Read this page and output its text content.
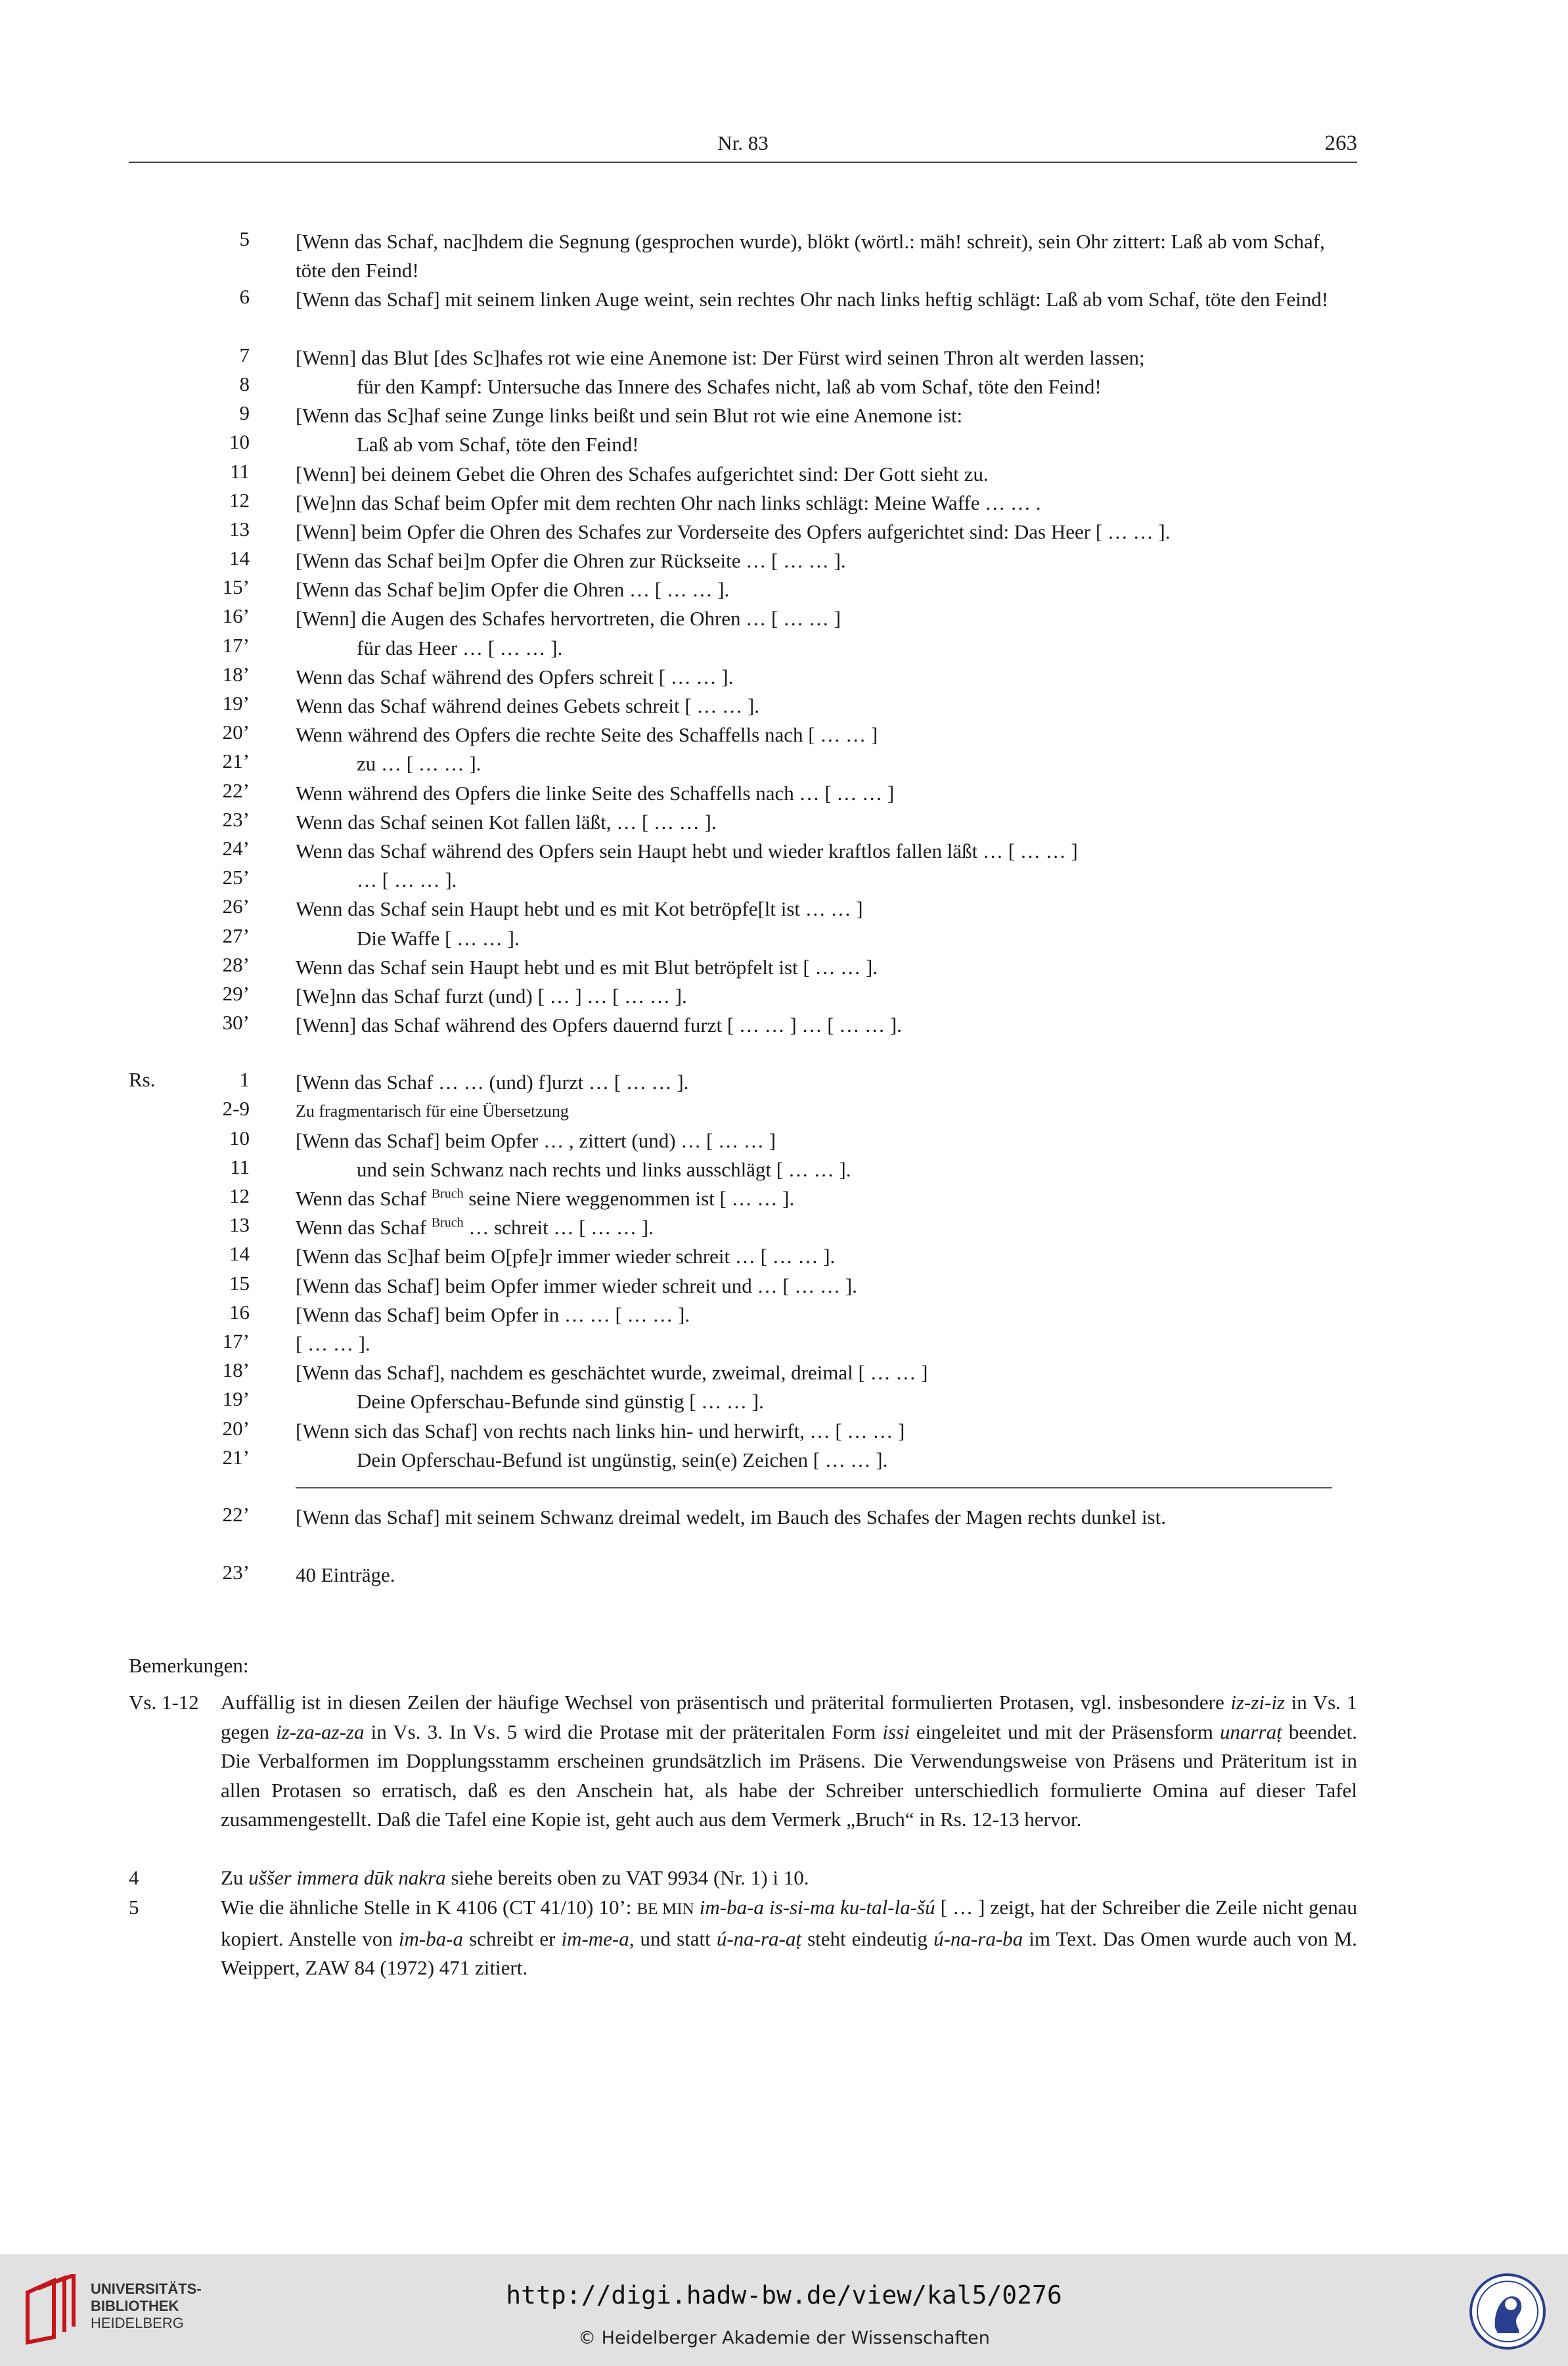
Nr. 83	263
5 [Wenn das Schaf, nac]hdem die Segnung (gesprochen wurde), blökt (wörtl.: mäh! schreit), sein Ohr zittert: Laß ab vom Schaf, töte den Feind!
6 [Wenn das Schaf] mit seinem linken Auge weint, sein rechtes Ohr nach links heftig schlägt: Laß ab vom Schaf, töte den Feind!
7 [Wenn] das Blut [des Sc]hafes rot wie eine Anemone ist: Der Fürst wird seinen Thron alt werden lassen;
8	für den Kampf: Untersuche das Innere des Schafes nicht, laß ab vom Schaf, töte den Feind!
9 [Wenn das Sc]haf seine Zunge links beißt und sein Blut rot wie eine Anemone ist:
10	Laß ab vom Schaf, töte den Feind!
11 [Wenn] bei deinem Gebet die Ohren des Schafes aufgerichtet sind: Der Gott sieht zu.
12 [We]nn das Schaf beim Opfer mit dem rechten Ohr nach links schlägt: Meine Waffe … … .
13 [Wenn] beim Opfer die Ohren des Schafes zur Vorderseite des Opfers aufgerichtet sind: Das Heer [ … … ].
14 [Wenn das Schaf bei]m Opfer die Ohren zur Rückseite … [ … … ].
15’ [Wenn das Schaf be]im Opfer die Ohren … [ … … ].
16’ [Wenn] die Augen des Schafes hervortreten, die Ohren … [ … … ]
17’	für das Heer … [ … … ].
18’ Wenn das Schaf während des Opfers schreit [ … … ].
19’ Wenn das Schaf während deines Gebets schreit [ … … ].
20’ Wenn während des Opfers die rechte Seite des Schaffells nach [ … … ]
21’	zu … [ … … ].
22’ Wenn während des Opfers die linke Seite des Schaffells nach … [ … … ]
23’ Wenn das Schaf seinen Kot fallen läßt, … [ … … ].
24’ Wenn das Schaf während des Opfers sein Haupt hebt und wieder kraftlos fallen läßt … [ … … ]
25’	… [ … … ].
26’ Wenn das Schaf sein Haupt hebt und es mit Kot betröpfe[lt ist … … ]
27’	Die Waffe [ … … ].
28’ Wenn das Schaf sein Haupt hebt und es mit Blut betröpfelt ist [ … … ].
29’ [We]nn das Schaf furzt (und) [ … ] … [ … … ].
30’ [Wenn] das Schaf während des Opfers dauernd furzt [ … … ] … [ … … ].
Rs.	1 [Wenn das Schaf … … (und) f]urzt … [ … … ].
2-9	Zu fragmentarisch für eine Übersetzung
10 [Wenn das Schaf] beim Opfer … , zittert (und) … [ … … ]
11	und sein Schwanz nach rechts und links ausschlägt [ … … ].
12 Wenn das Schaf $^{Bruch}$ seine Niere weggenommen ist [ … … ].
13 Wenn das Schaf $^{Bruch}$ … schreit … [ … … ].
14 [Wenn das Sc]haf beim O[pfe]r immer wieder schreit … [ … … ].
15 [Wenn das Schaf] beim Opfer immer wieder schreit und … [ … … ].
16 [Wenn das Schaf] beim Opfer in … … [ … … ].
17’ [ … … ].
18’ [Wenn das Schaf], nachdem es geschächtet wurde, zweimal, dreimal [ … … ]
19’	Deine Opferschau-Befunde sind günstig [ … … ].
20’ [Wenn sich das Schaf] von rechts nach links hin- und herwirft, … [ … … ]
21’	Dein Opferschau-Befund ist ungünstig, sein(e) Zeichen [ … … ].
22’ [Wenn das Schaf] mit seinem Schwanz dreimal wedelt, im Bauch des Schafes der Magen rechts dunkel ist.
23’ 40 Einträge.
Bemerkungen:
Vs. 1-12 Auffällig ist in diesen Zeilen der häufige Wechsel von präsentisch und präterital formulierten Protasen, vgl. insbesondere iz-zi-iz in Vs. 1 gegen iz-za-az-za in Vs. 3. In Vs. 5 wird die Protase mit der präteritalen Form issi eingeleitet und mit der Präsensform unarraṭ beendet. Die Verbalformen im Dopplungsstamm erscheinen grundsätzlich im Präsens. Die Verwendungsweise von Präsens und Präteritum ist in allen Protasen so erratisch, daß es den Anschein hat, als habe der Schreiber unterschiedlich formulierte Omina auf dieser Tafel zusammengestellt. Daß die Tafel eine Kopie ist, geht auch aus dem Vermerk „Bruch“ in Rs. 12-13 hervor.
4	Zu uššer immera dūk nakra siehe bereits oben zu VAT 9934 (Nr. 1) i 10.
5	Wie die ähnliche Stelle in K 4106 (CT 41/10) 10’: BE MIN im-ba-a is-si-ma ku-tal-la-šú [ … ] zeigt, hat der Schreiber die Zeile nicht genau kopiert. Anstelle von im-ba-a schreibt er im-me-a, und statt ú-na-ra-aṭ steht eindeutig ú-na-ra-ba im Text. Das Omen wurde auch von M. Weippert, ZAW 84 (1972) 471 zitiert.
UNIVERSITÄTS-
BIBLIOTHEK
HEIDELBERG
http://digi.hadw-bw.de/view/kal5/0276
© Heidelberger Akademie der Wissenschaften
